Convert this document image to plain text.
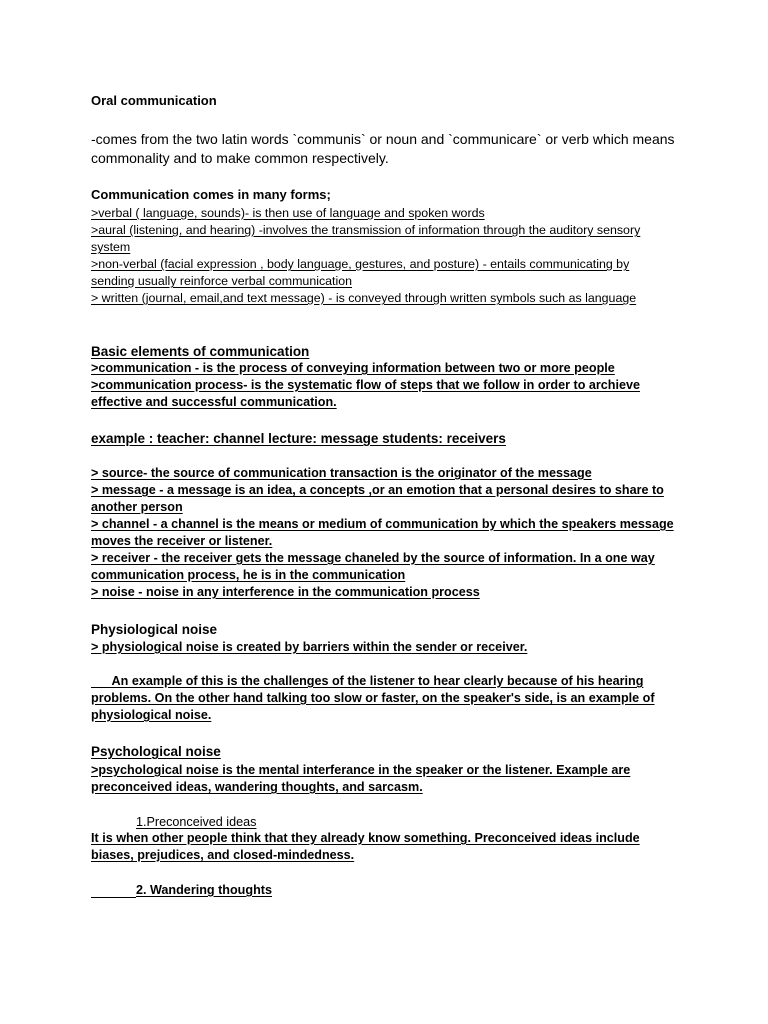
Oral communication
-comes from the two latin words `communis` or noun and `communicare` or verb which means
commonality and to make common respectively.
Communication comes in many forms;
>verbal ( language, sounds)- is then use of language and spoken words
>aural (listening, and hearing) -involves the transmission of information through the auditory sensory
system
>non-verbal (facial expression , body language, gestures, and posture) - entails communicating by
sending usually reinforce verbal communication
> written (journal, email,and text message) - is conveyed through written symbols such as language
Basic elements of communication
>communication - is the process of conveying information between two or more people
>communication process- is the systematic flow of steps that we follow in order to archieve
effective and successful communication.
example : teacher: channel lecture: message students: receivers
> source- the source of communication transaction is the originator of the message
> message - a message is an idea, a concepts ,or an emotion that a personal desires to share to
another person
> channel - a channel is the means or medium of communication by which the speakers message
moves the receiver or listener.
> receiver - the receiver gets the message chaneled by the source of information. In a one way
communication process, he is in the communication
> noise - noise in any interference in the communication process
Physiological noise
> physiological noise is created by barriers within the sender or receiver.
An example of this is the challenges of the listener to hear clearly because of his hearing
problems. On the other hand talking too slow or faster, on the speaker's side, is an example of
physiological noise.
Psychological noise
>psychological noise is the mental interferance in the speaker or the listener. Example are
preconceived ideas, wandering thoughts, and sarcasm.
1.Preconceived ideas
It is when other people think that they already know something. Preconceived ideas include
biases, prejudices, and closed-mindedness.
2. Wandering thoughts
